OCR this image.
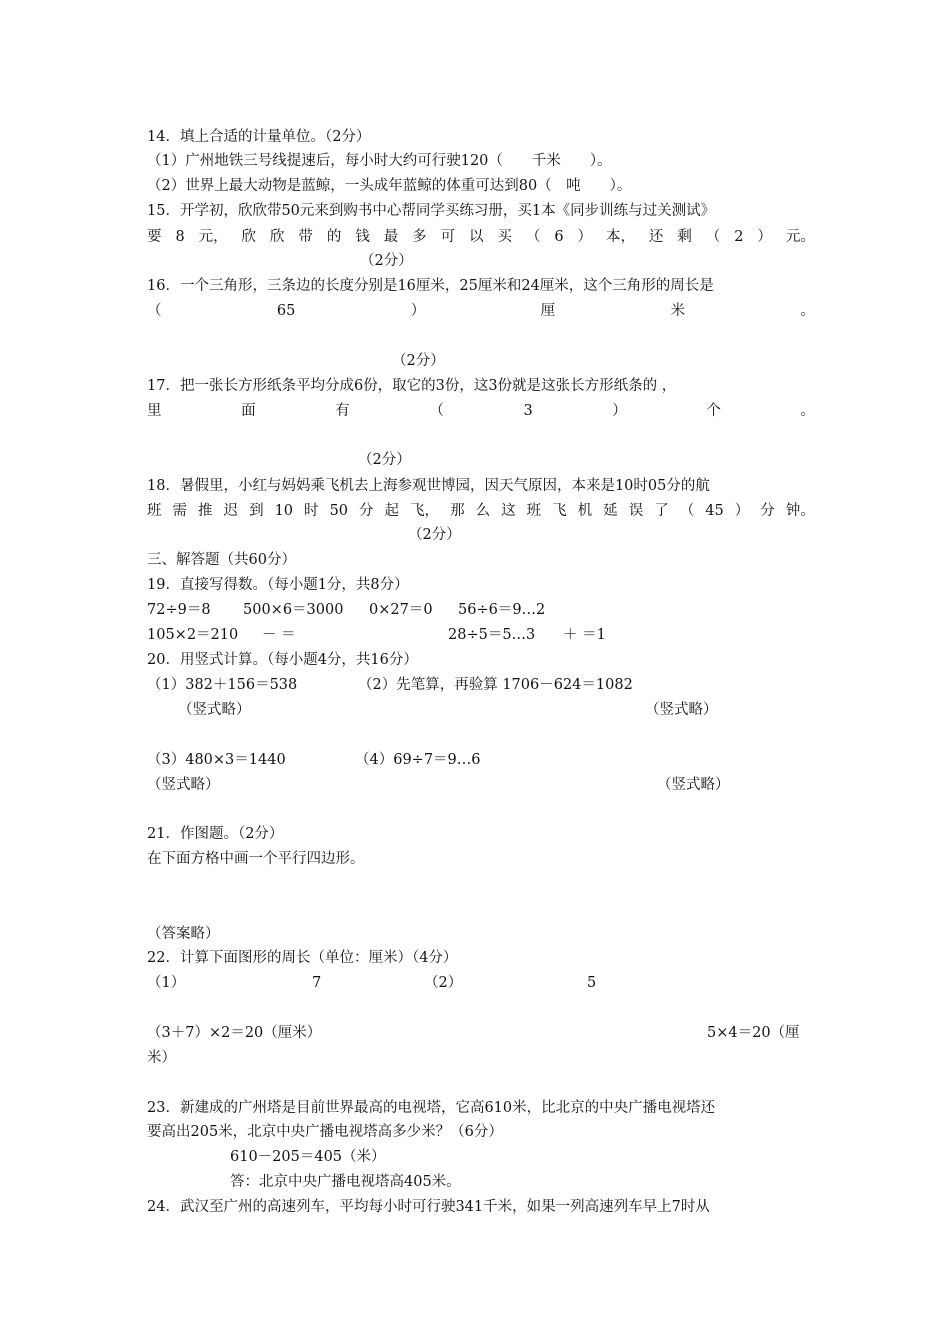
14．填上合适的计量单位。（2分）
（1）广州地铁三号线提速后，每小时大约可行驶120（　　千米　　）。
（2）世界上最大动物是蓝鲸，一头成年蓝鲸的体重可达到80（　吨　　）。
15．开学初，欣欣带50元来到购书中心帮同学买练习册，买1本《同步训练与过关测试》
要 8 元， 欣 欣 带 的 钱 最 多 可 以 买 （ 6 ） 本， 还 剩 （ 2 ） 元。
（2分）
16．一个三角形，三条边的长度分别是16厘米，25厘米和24厘米，这个三角形的周长是
（	65	）	厘	米	。
（2分）
17．把一张长方形纸条平均分成6份，取它的3份，这3份就是这张长方形纸条的 ，
里	面	有	（	3	）	个	。
（2分）
18．暑假里，小红与妈妈乘飞机去上海参观世博园，因天气原因，本来是10时05分的航
班 需 推 迟 到 10 时 50 分 起 飞， 那 么 这 班 飞 机 延 误 了 （ 45 ） 分 钟。
（2分）
三、解答题（共60分）
19．直接写得数。（每小题1分，共8分）
72÷9＝8 500×6＝3000 0×27＝0 56÷6＝9…2
105×2＝210 － ＝	28÷5＝5…3 ＋ ＝1
20．用竖式计算。（每小题4分，共16分）
（1）382＋156＝538	（2）先笔算，再验算 1706－624＝1082
（竖式略）	（竖式略）
（3）480×3＝1440	（4）69÷7＝9…6
（竖式略）	（竖式略）
21．作图题。（2分）
在下面方格中画一个平行四边形。
（答案略）
22．计算下面图形的周长（单位：厘米）（4分）
（1）	7	（2）	5
（3＋7）×2＝20（厘米）	5×4＝20（厘
米）
23．新建成的广州塔是目前世界最高的电视塔，它高610米，比北京的中央广播电视塔还
要高出205米，北京中央广播电视塔高多少米？（6分）
610－205＝405（米）
答：北京中央广播电视塔高405米。
24．武汉至广州的高速列车，平均每小时可行驶341千米，如果一列高速列车早上7时从
